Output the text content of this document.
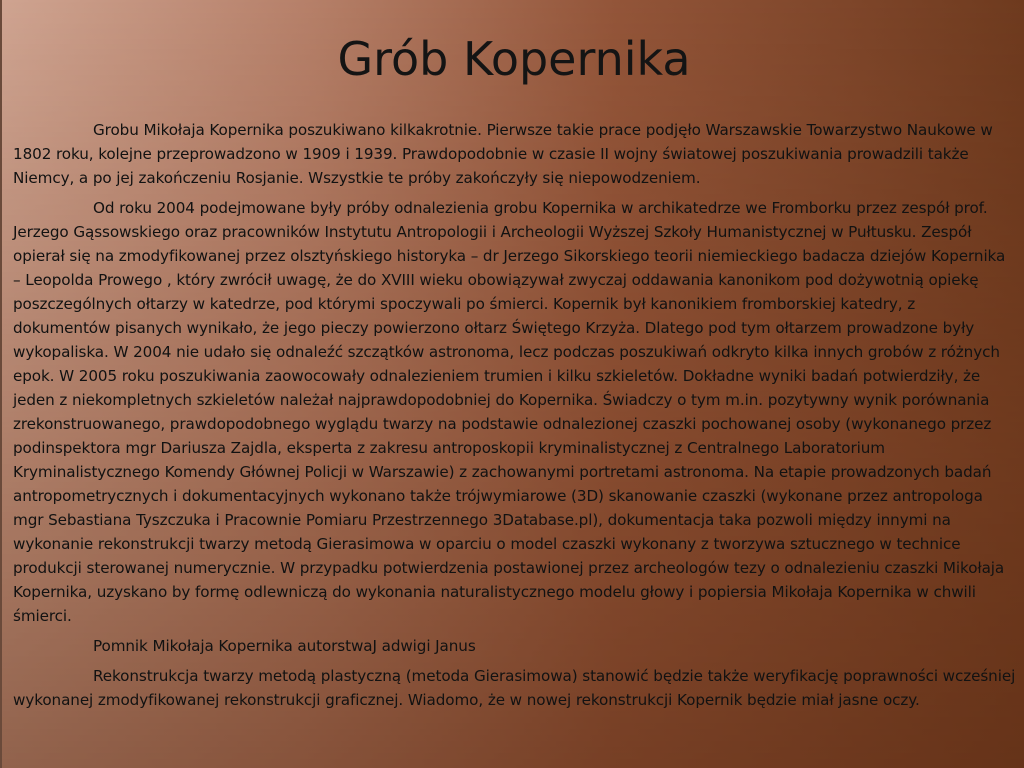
Grób Kopernika

Grobu Mikołaja Kopernika poszukiwano kilkakrotnie. Pierwsze takie prace podjęło Warszawskie Towarzystwo Naukowe w 1802 roku, kolejne przeprowadzono w 1909 i 1939. Prawdopodobnie w czasie II wojny światowej poszukiwania prowadzili także Niemcy, a po jej zakończeniu Rosjanie. Wszystkie te próby zakończyły się niepowodzeniem.

Od roku 2004 podejmowane były próby odnalezienia grobu Kopernika w archikatedrze we Fromborku przez zespół prof. Jerzego Gąssowskiego oraz pracowników Instytutu Antropologii i Archeologii Wyższej Szkoły Humanistycznej w Pułtusku. Zespół opierał się na zmodyfikowanej przez olsztyńskiego historyka – dr Jerzego Sikorskiego teorii niemieckiego badacza dziejów Kopernika – Leopolda Prowego , który zwrócił uwagę, że do XVIII wieku obowiązywał zwyczaj oddawania kanonikom pod dożywotnią opiekę poszczególnych ołtarzy w katedrze, pod którymi spoczywali po śmierci. Kopernik był kanonikiem fromborskiej katedry, z dokumentów pisanych wynikało, że jego pieczy powierzono ołtarz Świętego Krzyża. Dlatego pod tym ołtarzem prowadzone były wykopaliska. W 2004 nie udało się odnaleźć szczątków astronoma, lecz podczas poszukiwań odkryto kilka innych grobów z różnych epok. W 2005 roku poszukiwania zaowocowały odnalezieniem trumien i kilku szkieletów. Dokładne wyniki badań potwierdziły, że jeden z niekompletnych szkieletów należał najprawdopodobniej do Kopernika. Świadczy o tym m.in. pozytywny wynik porównania zrekonstruowanego, prawdopodobnego wyglądu twarzy na podstawie odnalezionej czaszki pochowanej osoby (wykonanego przez podinspektora mgr Dariusza Zajdla, eksperta z zakresu antroposkopii kryminalistycznej z Centralnego Laboratorium Kryminalistycznego Komendy Głównej Policji w Warszawie) z zachowanymi portretami astronoma. Na etapie prowadzonych badań antropometrycznych i dokumentacyjnych wykonano także trójwymiarowe (3D) skanowanie czaszki (wykonane przez antropologa mgr Sebastiana Tyszczuka i Pracownie Pomiaru Przestrzennego 3Database.pl), dokumentacja taka pozwoli między innymi na wykonanie rekonstrukcji twarzy metodą Gierasimowa w oparciu o model czaszki wykonany z tworzywa sztucznego w technice produkcji sterowanej numerycznie. W przypadku potwierdzenia postawionej przez archeologów tezy o odnalezieniu czaszki Mikołaja Kopernika, uzyskano by formę odlewniczą do wykonania naturalistycznego modelu głowy i popiersia Mikołaja Kopernika w chwili śmierci.

Pomnik Mikołaja Kopernika autorstwaJ adwigi Janus

Rekonstrukcja twarzy metodą plastyczną (metoda Gierasimowa) stanowić będzie także weryfikację poprawności wcześniej wykonanej zmodyfikowanej rekonstrukcji graficznej. Wiadomo, że w nowej rekonstrukcji Kopernik będzie miał jasne oczy.
